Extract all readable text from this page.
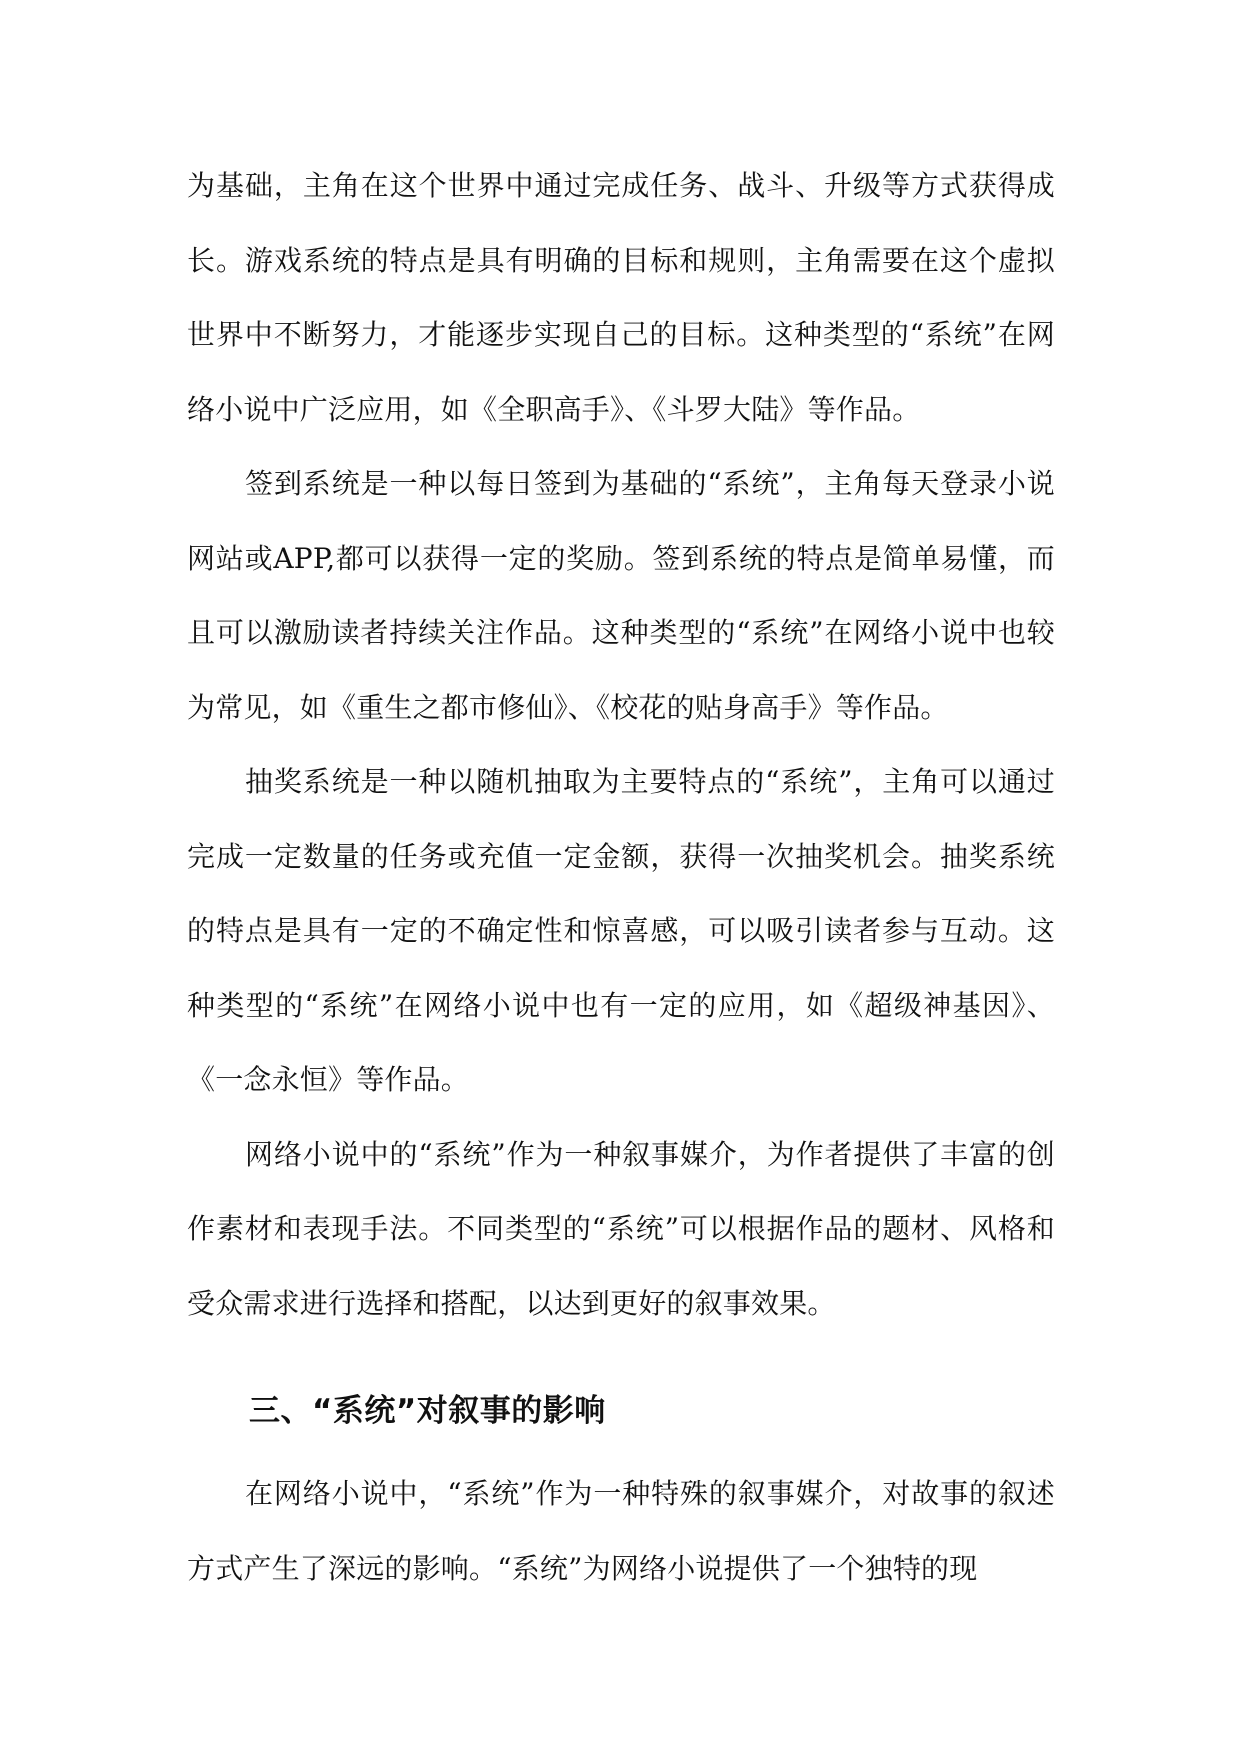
为基础，主角在这个世界中通过完成任务、战斗、升级等方式获得成长。游戏系统的特点是具有明确的目标和规则，主角需要在这个虚拟世界中不断努力，才能逐步实现自己的目标。这种类型的“系统”在网络小说中广泛应用，如《全职高手》、《斗罗大陆》等作品。

签到系统是一种以每日签到为基础的“系统”，主角每天登录小说网站或APP,都可以获得一定的奖励。签到系统的特点是简单易懂，而且可以激励读者持续关注作品。这种类型的“系统”在网络小说中也较为常见，如《重生之都市修仙》、《校花的贴身高手》等作品。

抽奖系统是一种以随机抽取为主要特点的“系统”，主角可以通过完成一定数量的任务或充值一定金额，获得一次抽奖机会。抽奖系统的特点是具有一定的不确定性和惊喜感，可以吸引读者参与互动。这种类型的“系统”在网络小说中也有一定的应用，如《超级神基因》、《一念永恒》等作品。

网络小说中的“系统”作为一种叙事媒介，为作者提供了丰富的创作素材和表现手法。不同类型的“系统”可以根据作品的题材、风格和受众需求进行选择和搭配，以达到更好的叙事效果。

三、“系统”对叙事的影响

在网络小说中，“系统”作为一种特殊的叙事媒介，对故事的叙述方式产生了深远的影响。“系统”为网络小说提供了一个独特的现
